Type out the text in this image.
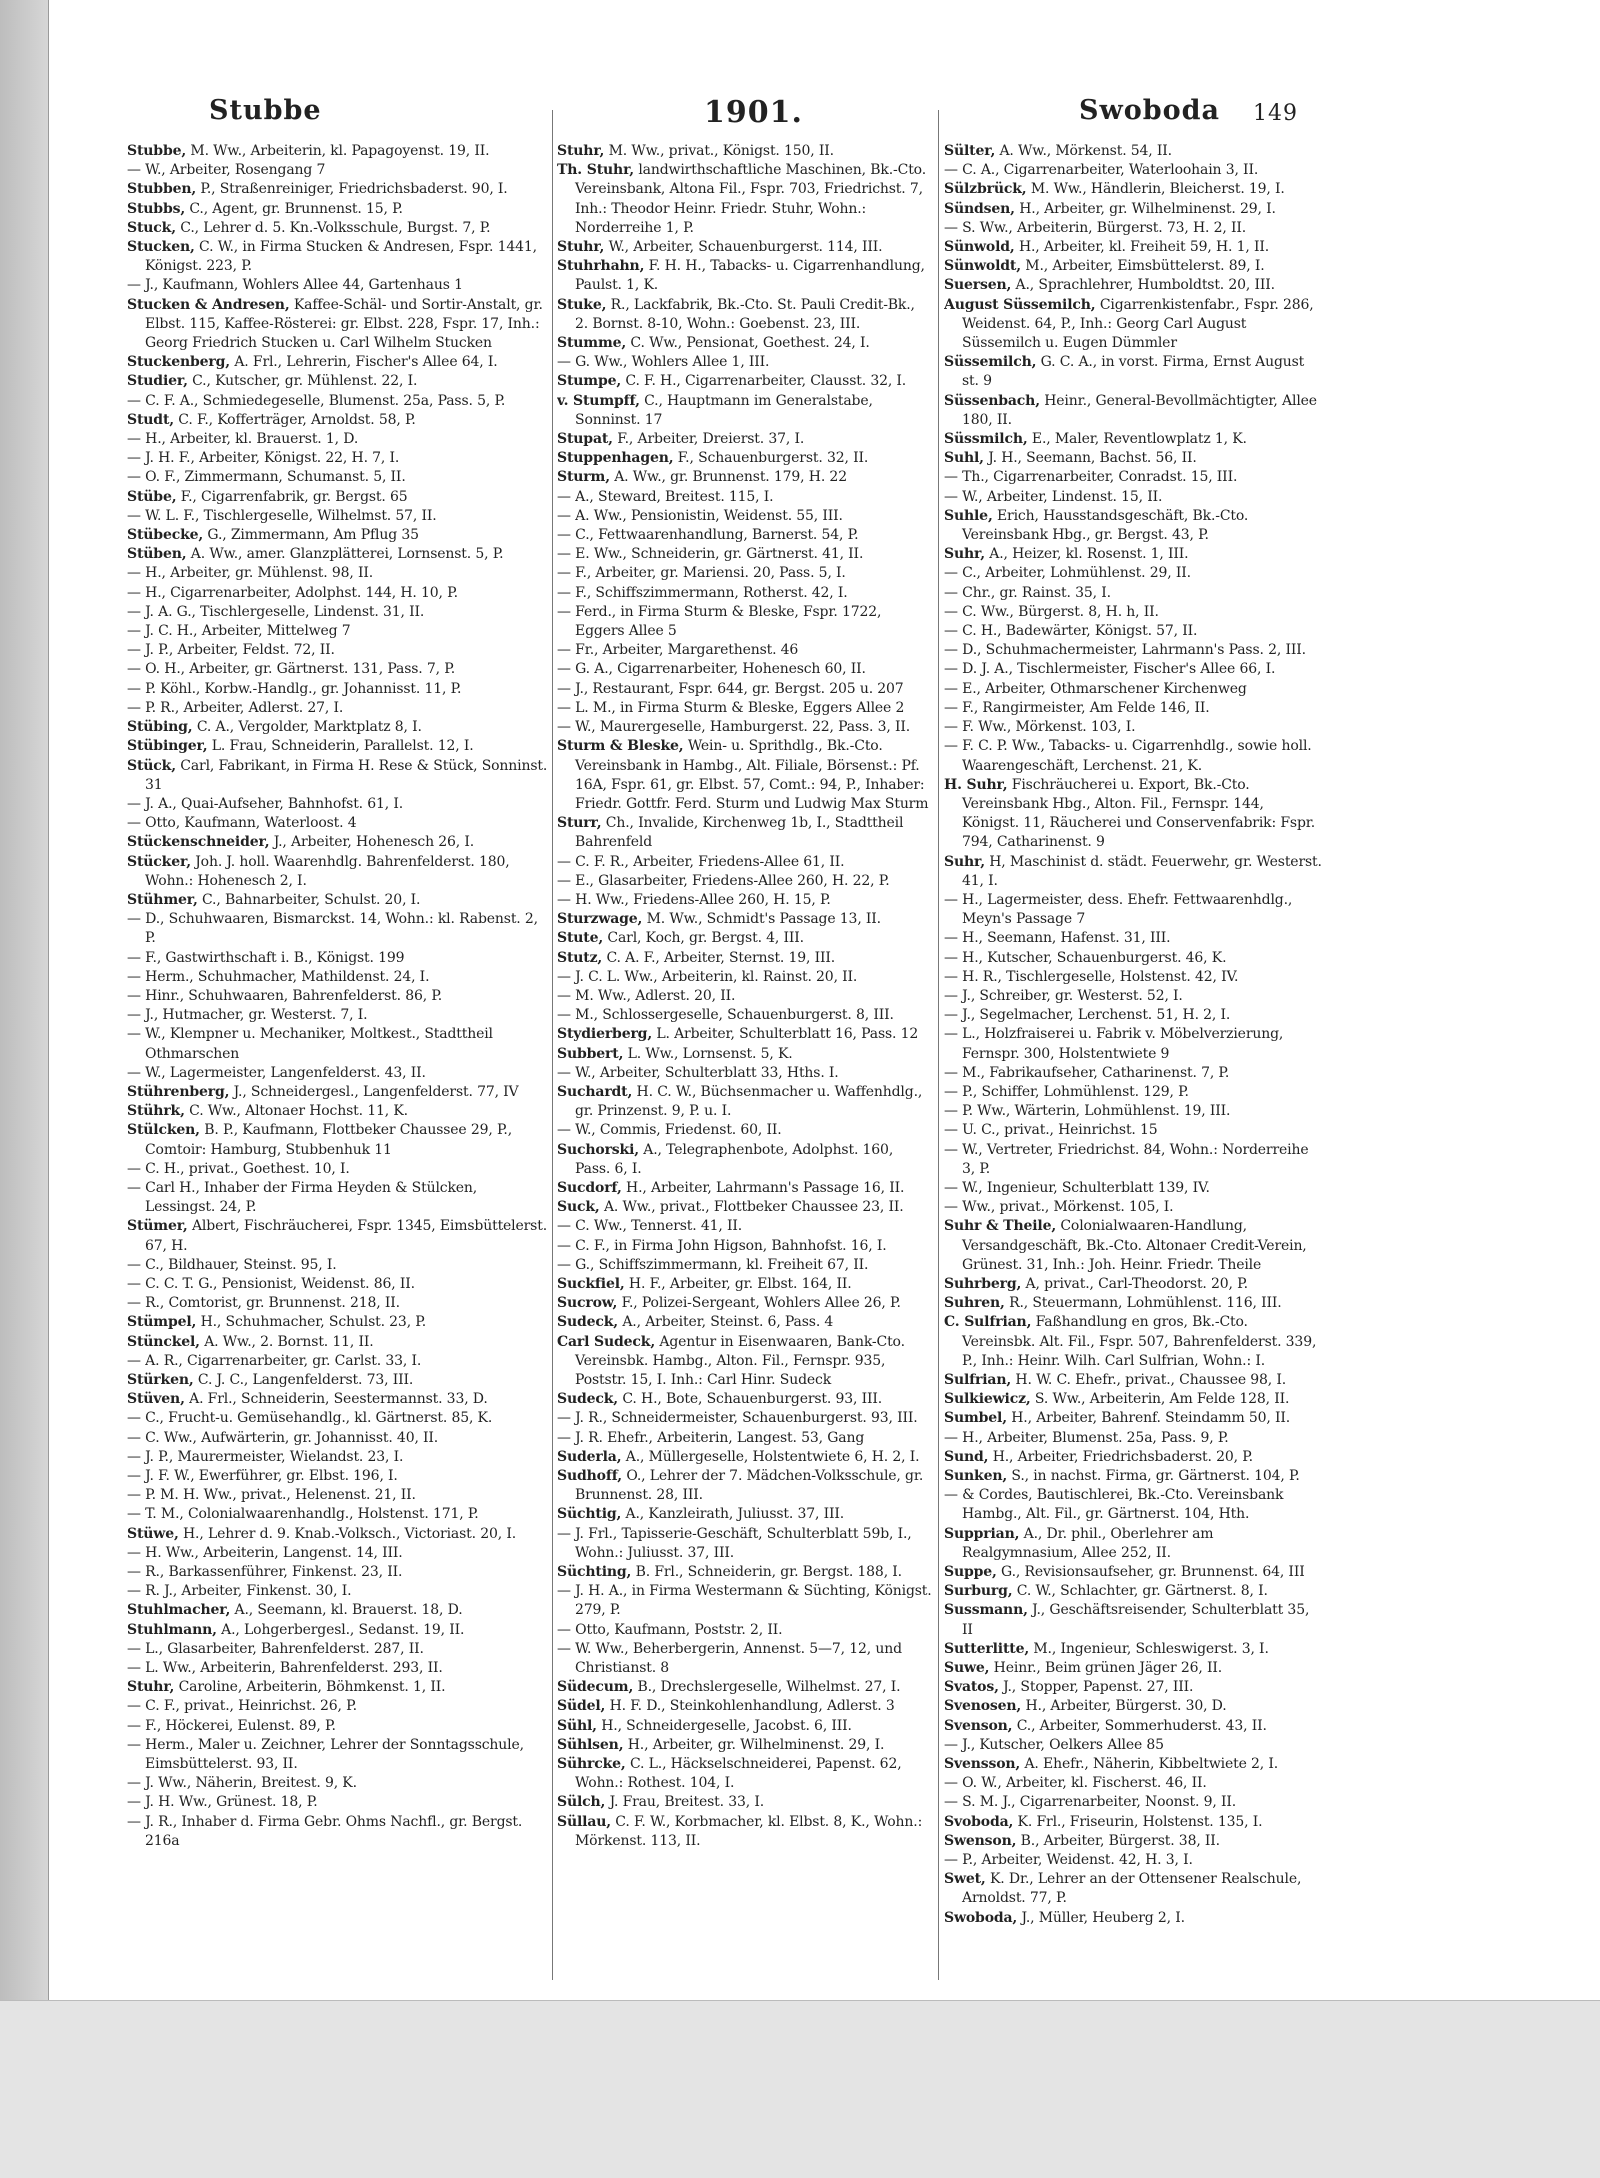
Stubbe	1901.	Swoboda 149

Stubbe, M. Ww., Arbeiterin, kl. Papagoyenst. 19, II.

— W., Arbeiter, Rosengang 7

Stubben, P., Straßenreiniger, Friedrichsbaderst. 90, I.

Stubbs, C., Agent, gr. Brunnenst. 15, P.

Stuck, C., Lehrer d. 5. Kn.-Volksschule, Burgst. 7, P.

Stucken, C. W., in Firma Stucken & Andresen, Fspr. 1441, Königst. 223, P.

— J., Kaufmann, Wohlers Allee 44, Gartenhaus 1

Stucken & Andresen, Kaffee-Schäl- und Sortir-Anstalt, gr. Elbst. 115, Kaffee-Rösterei: gr. Elbst. 228, Fspr. 17, Inh.: Georg Friedrich Stucken u. Carl Wilhelm Stucken

Stuckenberg, A. Frl., Lehrerin, Fischer's Allee 64, I.

Studier, C., Kutscher, gr. Mühlenst. 22, I.

— C. F. A., Schmiedegeselle, Blumenst. 25a, Pass. 5, P.

Studt, C. F., Kofferträger, Arnoldst. 58, P.

— H., Arbeiter, kl. Brauerst. 1, D.

— J. H. F., Arbeiter, Königst. 22, H. 7, I.

— O. F., Zimmermann, Schumanst. 5, II.

Stübe, F., Cigarrenfabrik, gr. Bergst. 65

— W. L. F., Tischlergeselle, Wilhelmst. 57, II.

Stübecke, G., Zimmermann, Am Pflug 35

Stüben, A. Ww., amer. Glanzplätterei, Lornsenst. 5, P.

— H., Arbeiter, gr. Mühlenst. 98, II.

— H., Cigarrenarbeiter, Adolphst. 144, H. 10, P.

— J. A. G., Tischlergeselle, Lindenst. 31, II.

— J. C. H., Arbeiter, Mittelweg 7

— J. P., Arbeiter, Feldst. 72, II.

— O. H., Arbeiter, gr. Gärtnerst. 131, Pass. 7, P.

— P. Köhl., Korbw.-Handlg., gr. Johannisst. 11, P.

— P. R., Arbeiter, Adlerst. 27, I.

Stübing, C. A., Vergolder, Marktplatz 8, I.

Stübinger, L. Frau, Schneiderin, Parallelst. 12, I.

Stück, Carl, Fabrikant, in Firma H. Rese & Stück, Sonninst. 31

— J. A., Quai-Aufseher, Bahnhofst. 61, I.

— Otto, Kaufmann, Waterloost. 4

Stückenschneider, J., Arbeiter, Hohenesch 26, I.

Stücker, Joh. J. holl. Waarenhdlg. Bahrenfelderst. 180, Wohn.: Hohenesch 2, I.

Stühmer, C., Bahnarbeiter, Schulst. 20, I.

— D., Schuhwaaren, Bismarckst. 14, Wohn.: kl. Rabenst. 2, P.

— F., Gastwirthschaft i. B., Königst. 199

— Herm., Schuhmacher, Mathildenst. 24, I.

— Hinr., Schuhwaaren, Bahrenfelderst. 86, P.

— J., Hutmacher, gr. Westerst. 7, I.

— W., Klempner u. Mechaniker, Moltkest., Stadttheil Othmarschen

— W., Lagermeister, Langenfelderst. 43, II.

Stührenberg, J., Schneidergesl., Langenfelderst. 77, IV

Stührk, C. Ww., Altonaer Hochst. 11, K.

Stülcken, B. P., Kaufmann, Flottbeker Chaussee 29, P., Comtoir: Hamburg, Stubbenhuk 11

— C. H., privat., Goethest. 10, I.

— Carl H., Inhaber der Firma Heyden & Stülcken, Lessingst. 24, P.

Stümer, Albert, Fischräucherei, Fspr. 1345, Eimsbüttelerst. 67, H.

— C., Bildhauer, Steinst. 95, I.

— C. C. T. G., Pensionist, Weidenst. 86, II.

— R., Comtorist, gr. Brunnenst. 218, II.

Stümpel, H., Schuhmacher, Schulst. 23, P.

Stünckel, A. Ww., 2. Bornst. 11, II.

— A. R., Cigarrenarbeiter, gr. Carlst. 33, I.

Stürken, C. J. C., Langenfelderst. 73, III.

Stüven, A. Frl., Schneiderin, Seestermannst. 33, D.

— C., Frucht-u. Gemüsehandlg., kl. Gärtnerst. 85, K.

— C. Ww., Aufwärterin, gr. Johannisst. 40, II.

— J. P., Maurermeister, Wielandst. 23, I.

— J. F. W., Ewerführer, gr. Elbst. 196, I.

— P. M. H. Ww., privat., Helenenst. 21, II.

— T. M., Colonialwaarenhandlg., Holstenst. 171, P.

Stüwe, H., Lehrer d. 9. Knab.-Volksch., Victoriast. 20, I.

— H. Ww., Arbeiterin, Langenst. 14, III.

— R., Barkassenführer, Finkenst. 23, II.

— R. J., Arbeiter, Finkenst. 30, I.

Stuhlmacher, A., Seemann, kl. Brauerst. 18, D.

Stuhlmann, A., Lohgerbergesl., Sedanst. 19, II.

— L., Glasarbeiter, Bahrenfelderst. 287, II.

— L. Ww., Arbeiterin, Bahrenfelderst. 293, II.

Stuhr, Caroline, Arbeiterin, Böhmkenst. 1, II.

— C. F., privat., Heinrichst. 26, P.

— F., Höckerei, Eulenst. 89, P.

— Herm., Maler u. Zeichner, Lehrer der Sonntagsschule, Eimsbüttelerst. 93, II.

— J. Ww., Näherin, Breitest. 9, K.

— J. H. Ww., Grünest. 18, P.

— J. R., Inhaber d. Firma Gebr. Ohms Nachfl., gr. Bergst. 216a

Stuhr, M. Ww., privat., Königst. 150, II.

Th. Stuhr, landwirthschaftliche Maschinen, Bk.-Cto. Vereinsbank, Altona Fil., Fspr. 703, Friedrichst. 7, Inh.: Theodor Heinr. Friedr. Stuhr, Wohn.: Norderreihe 1, P.

Stuhr, W., Arbeiter, Schauenburgerst. 114, III.

Stuhrhahn, F. H. H., Tabacks- u. Cigarrenhandlung, Paulst. 1, K.

Stuke, R., Lackfabrik, Bk.-Cto. St. Pauli Credit-Bk., 2. Bornst. 8-10, Wohn.: Goebenst. 23, III.

Stumme, C. Ww., Pensionat, Goethest. 24, I.

— G. Ww., Wohlers Allee 1, III.

Stumpe, C. F. H., Cigarrenarbeiter, Clausst. 32, I.

v. Stumpff, C., Hauptmann im Generalstabe, Sonninst. 17

Stupat, F., Arbeiter, Dreierst. 37, I.

Stuppenhagen, F., Schauenburgerst. 32, II.

Sturm, A. Ww., gr. Brunnenst. 179, H. 22

— A., Steward, Breitest. 115, I.

— A. Ww., Pensionistin, Weidenst. 55, III.

— C., Fettwaarenhandlung, Barnerst. 54, P.

— E. Ww., Schneiderin, gr. Gärtnerst. 41, II.

— F., Arbeiter, gr. Mariensi. 20, Pass. 5, I.

— F., Schiffszimmermann, Rotherst. 42, I.

— Ferd., in Firma Sturm & Bleske, Fspr. 1722, Eggers Allee 5

— Fr., Arbeiter, Margarethenst. 46

— G. A., Cigarrenarbeiter, Hohenesch 60, II.

— J., Restaurant, Fspr. 644, gr. Bergst. 205 u. 207

— L. M., in Firma Sturm & Bleske, Eggers Allee 2

— W., Maurergeselle, Hamburgerst. 22, Pass. 3, II.

Sturm & Bleske, Wein- u. Sprithdlg., Bk.-Cto. Vereinsbank in Hambg., Alt. Filiale, Börsenst.: Pf. 16A, Fspr. 61, gr. Elbst. 57, Comt.: 94, P., Inhaber: Friedr. Gottfr. Ferd. Sturm und Ludwig Max Sturm

Sturr, Ch., Invalide, Kirchenweg 1b, I., Stadttheil Bahrenfeld

— C. F. R., Arbeiter, Friedens-Allee 61, II.

— E., Glasarbeiter, Friedens-Allee 260, H. 22, P.

— H. Ww., Friedens-Allee 260, H. 15, P.

Sturzwage, M. Ww., Schmidt's Passage 13, II.

Stute, Carl, Koch, gr. Bergst. 4, III.

Stutz, C. A. F., Arbeiter, Sternst. 19, III.

— J. C. L. Ww., Arbeiterin, kl. Rainst. 20, II.

— M. Ww., Adlerst. 20, II.

— M., Schlossergeselle, Schauenburgerst. 8, III.

Stydierberg, L. Arbeiter, Schulterblatt 16, Pass. 12

Subbert, L. Ww., Lornsenst. 5, K.

— W., Arbeiter, Schulterblatt 33, Hths. I.

Suchardt, H. C. W., Büchsenmacher u. Waffenhdlg., gr. Prinzenst. 9, P. u. I.

— W., Commis, Friedenst. 60, II.

Suchorski, A., Telegraphenbote, Adolphst. 160, Pass. 6, I.

Sucdorf, H., Arbeiter, Lahrmann's Passage 16, II.

Suck, A. Ww., privat., Flottbeker Chaussee 23, II.

— C. Ww., Tennerst. 41, II.

— C. F., in Firma John Higson, Bahnhofst. 16, I.

— G., Schiffszimmermann, kl. Freiheit 67, II.

Suckfiel, H. F., Arbeiter, gr. Elbst. 164, II.

Sucrow, F., Polizei-Sergeant, Wohlers Allee 26, P.

Sudeck, A., Arbeiter, Steinst. 6, Pass. 4

Carl Sudeck, Agentur in Eisenwaaren, Bank-Cto. Vereinsbk. Hambg., Alton. Fil., Fernspr. 935, Poststr. 15, I. Inh.: Carl Hinr. Sudeck

Sudeck, C. H., Bote, Schauenburgerst. 93, III.

— J. R., Schneidermeister, Schauenburgerst. 93, III.

— J. R. Ehefr., Arbeiterin, Langest. 53, Gang

Suderla, A., Müllergeselle, Holstentwiete 6, H. 2, I.

Sudhoff, O., Lehrer der 7. Mädchen-Volksschule, gr. Brunnenst. 28, III.

Süchtig, A., Kanzleirath, Juliusst. 37, III.

— J. Frl., Tapisserie-Geschäft, Schulterblatt 59b, I., Wohn.: Juliusst. 37, III.

Süchting, B. Frl., Schneiderin, gr. Bergst. 188, I.

— J. H. A., in Firma Westermann & Süchting, Königst. 279, P.

— Otto, Kaufmann, Poststr. 2, II.

— W. Ww., Beherbergerin, Annenst. 5—7, 12, und Christianst. 8

Südecum, B., Drechslergeselle, Wilhelmst. 27, I.

Südel, H. F. D., Steinkohlenhandlung, Adlerst. 3

Sühl, H., Schneidergeselle, Jacobst. 6, III.

Sühlsen, H., Arbeiter, gr. Wilhelminenst. 29, I.

Sührcke, C. L., Häckselschneiderei, Papenst. 62, Wohn.: Rothest. 104, I.

Sülch, J. Frau, Breitest. 33, I.

Süllau, C. F. W., Korbmacher, kl. Elbst. 8, K., Wohn.: Mörkenst. 113, II.

Sülter, A. Ww., Mörkenst. 54, II.

— C. A., Cigarrenarbeiter, Waterloohain 3, II.

Sülzbrück, M. Ww., Händlerin, Bleicherst. 19, I.

Sündsen, H., Arbeiter, gr. Wilhelminenst. 29, I.

— S. Ww., Arbeiterin, Bürgerst. 73, H. 2, II.

Sünwold, H., Arbeiter, kl. Freiheit 59, H. 1, II.

Sünwoldt, M., Arbeiter, Eimsbüttelerst. 89, I.

Suersen, A., Sprachlehrer, Humboldtst. 20, III.

August Süssemilch, Cigarrenkistenfabr., Fspr. 286, Weidenst. 64, P., Inh.: Georg Carl August Süssemilch u. Eugen Dümmler

Süssemilch, G. C. A., in vorst. Firma, Ernst August st. 9

Süssenbach, Heinr., General-Bevollmächtigter, Allee 180, II.

Süssmilch, E., Maler, Reventlowplatz 1, K.

Suhl, J. H., Seemann, Bachst. 56, II.

— Th., Cigarrenarbeiter, Conradst. 15, III.

— W., Arbeiter, Lindenst. 15, II.

Suhle, Erich, Hausstandsgeschäft, Bk.-Cto. Vereinsbank Hbg., gr. Bergst. 43, P.

Suhr, A., Heizer, kl. Rosenst. 1, III.

— C., Arbeiter, Lohmühlenst. 29, II.

— Chr., gr. Rainst. 35, I.

— C. Ww., Bürgerst. 8, H. h, II.

— C. H., Badewärter, Königst. 57, II.

— D., Schuhmachermeister, Lahrmann's Pass. 2, III.

— D. J. A., Tischlermeister, Fischer's Allee 66, I.

— E., Arbeiter, Othmarschener Kirchenweg

— F., Rangirmeister, Am Felde 146, II.

— F. Ww., Mörkenst. 103, I.

— F. C. P. Ww., Tabacks- u. Cigarrenhdlg., sowie holl. Waarengeschäft, Lerchenst. 21, K.

H. Suhr, Fischräucherei u. Export, Bk.-Cto. Vereinsbank Hbg., Alton. Fil., Fernspr. 144, Königst. 11, Räucherei und Conservenfabrik: Fspr. 794, Catharinenst. 9

Suhr, H, Maschinist d. städt. Feuerwehr, gr. Westerst. 41, I.

— H., Lagermeister, dess. Ehefr. Fettwaarenhdlg., Meyn's Passage 7

— H., Seemann, Hafenst. 31, III.

— H., Kutscher, Schauenburgerst. 46, K.

— H. R., Tischlergeselle, Holstenst. 42, IV.

— J., Schreiber, gr. Westerst. 52, I.

— J., Segelmacher, Lerchenst. 51, H. 2, I.

— L., Holzfraiserei u. Fabrik v. Möbelverzierung, Fernspr. 300, Holstentwiete 9

— M., Fabrikaufseher, Catharinenst. 7, P.

— P., Schiffer, Lohmühlenst. 129, P.

— P. Ww., Wärterin, Lohmühlenst. 19, III.

— U. C., privat., Heinrichst. 15

— W., Vertreter, Friedrichst. 84, Wohn.: Norderreihe 3, P.

— W., Ingenieur, Schulterblatt 139, IV.

— Ww., privat., Mörkenst. 105, I.

Suhr & Theile, Colonialwaaren-Handlung, Versandgeschäft, Bk.-Cto. Altonaer Credit-Verein, Grünest. 31, Inh.: Joh. Heinr. Friedr. Theile

Suhrberg, A, privat., Carl-Theodorst. 20, P.

Suhren, R., Steuermann, Lohmühlenst. 116, III.

C. Sulfrian, Faßhandlung en gros, Bk.-Cto. Vereinsbk. Alt. Fil., Fspr. 507, Bahrenfelderst. 339, P., Inh.: Heinr. Wilh. Carl Sulfrian, Wohn.: I.

Sulfrian, H. W. C. Ehefr., privat., Chaussee 98, I.

Sulkiewicz, S. Ww., Arbeiterin, Am Felde 128, II.

Sumbel, H., Arbeiter, Bahrenf. Steindamm 50, II.

— H., Arbeiter, Blumenst. 25a, Pass. 9, P.

Sund, H., Arbeiter, Friedrichsbaderst. 20, P.

Sunken, S., in nachst. Firma, gr. Gärtnerst. 104, P.

— & Cordes, Bautischlerei, Bk.-Cto. Vereinsbank Hambg., Alt. Fil., gr. Gärtnerst. 104, Hth.

Supprian, A., Dr. phil., Oberlehrer am Realgymnasium, Allee 252, II.

Suppe, G., Revisionsaufseher, gr. Brunnenst. 64, III

Surburg, C. W., Schlachter, gr. Gärtnerst. 8, I.

Sussmann, J., Geschäftsreisender, Schulterblatt 35, II

Sutterlitte, M., Ingenieur, Schleswigerst. 3, I.

Suwe, Heinr., Beim grünen Jäger 26, II.

Svatos, J., Stopper, Papenst. 27, III.

Svenosen, H., Arbeiter, Bürgerst. 30, D.

Svenson, C., Arbeiter, Sommerhuderst. 43, II.

— J., Kutscher, Oelkers Allee 85

Svensson, A. Ehefr., Näherin, Kibbeltwiete 2, I.

— O. W., Arbeiter, kl. Fischerst. 46, II.

— S. M. J., Cigarrenarbeiter, Noonst. 9, II.

Svoboda, K. Frl., Friseurin, Holstenst. 135, I.

Swenson, B., Arbeiter, Bürgerst. 38, II.

— P., Arbeiter, Weidenst. 42, H. 3, I.

Swet, K. Dr., Lehrer an der Ottensener Realschule, Arnoldst. 77, P.

Swoboda, J., Müller, Heuberg 2, I.
